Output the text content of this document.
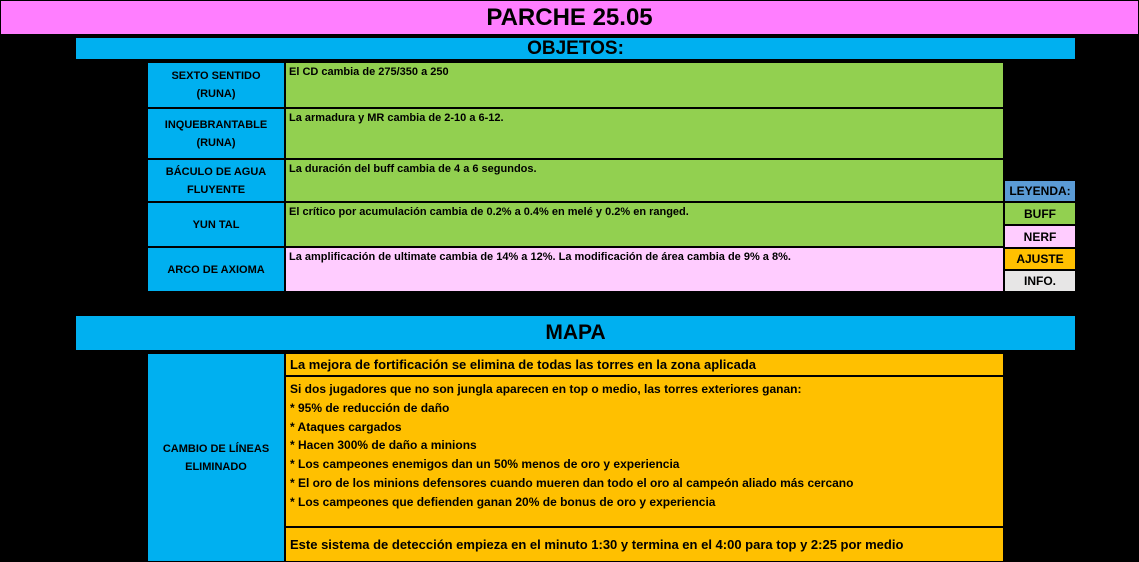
PARCHE 25.05
OBJETOS:
SEXTO SENTIDO
(RUNA)
El CD cambia de 275/350 a 250
INQUEBRANTABLE
(RUNA)
La armadura y MR cambia de 2-10 a 6-12.
BÁCULO DE AGUA
FLUYENTE
La duración del buff cambia de 4 a 6 segundos.
YUN TAL
El crítico por acumulación cambia de 0.2% a 0.4% en melé y 0.2% en ranged.
ARCO DE AXIOMA
La amplificación de ultimate cambia de 14% a 12%. La modificación de área cambia de 9% a 8%.
LEYENDA:
BUFF
NERF
AJUSTE
INFO.
MAPA
CAMBIO DE LÍNEAS
ELIMINADO
La mejora de fortificación se elimina de todas las torres en la zona aplicada
Si dos jugadores que no son jungla aparecen en top o medio, las torres exteriores ganan:
* 95% de reducción de daño
* Ataques cargados
* Hacen 300% de daño a minions
* Los campeones enemigos dan un 50% menos de oro y experiencia
* El oro de los minions defensores cuando mueren dan todo el oro al campeón aliado más cercano
* Los campeones que defienden ganan 20% de bonus de oro y experiencia
Este sistema de detección empieza en el minuto 1:30 y termina en el 4:00 para top y 2:25 por medio
